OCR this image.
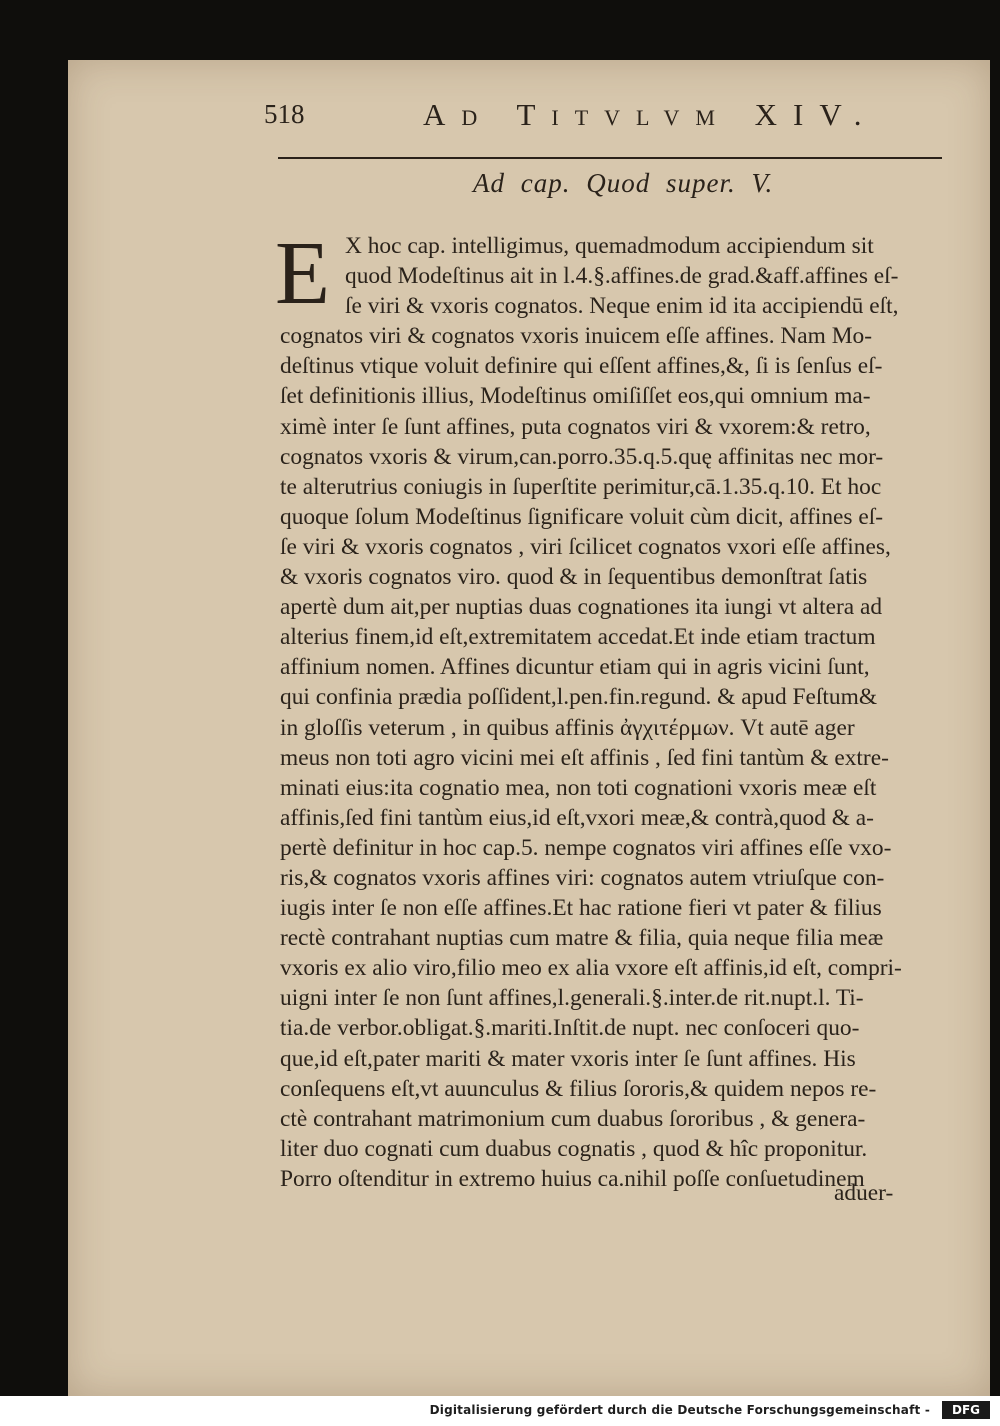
518	Ad Titvlvm XIV.
Ad cap. Quod super. V.
E X hoc cap. intelligimus, quemadmodum accipiendum sit
quod Modeſtinus ait in l.4.§.affines.de grad.&aff.affines eſ-
ſe viri & vxoris cognatos. Neque enim id ita accipiendū eſt,
cognatos viri & cognatos vxoris inuicem eſſe affines. Nam Mo-
deſtinus vtique voluit definire qui eſſent affines,&, ſi is ſenſus eſ-
ſet definitionis illius, Modeſtinus omiſiſſet eos,qui omnium ma-
ximè inter ſe ſunt affines, puta cognatos viri & vxorem:& retro,
cognatos vxoris & virum,can.porro.35.q.5.quę affinitas nec mor-
te alterutrius coniugis in ſuperſtite perimitur,cā.1.35.q.10. Et hoc
quoque ſolum Modeſtinus ſignificare voluit cùm dicit, affines eſ-
ſe viri & vxoris cognatos , viri ſcilicet cognatos vxori eſſe affines,
& vxoris cognatos viro. quod & in ſequentibus demonſtrat ſatis
apertè dum ait,per nuptias duas cognationes ita iungi vt altera ad
alterius finem,id eſt,extremitatem accedat.Et inde etiam tractum
affinium nomen. Affines dicuntur etiam qui in agris vicini ſunt,
qui confinia prædia poſſident,l.pen.fin.regund. & apud Feſtum&
in gloſſis veterum , in quibus affinis ἀγχιτέρμων. Vt autē ager
meus non toti agro vicini mei eſt affinis , ſed fini tantùm & extre-
minati eius:ita cognatio mea, non toti cognationi vxoris meæ eſt
affinis,ſed fini tantùm eius,id eſt,vxori meæ,& contrà,quod & a-
pertè definitur in hoc cap.5. nempe cognatos viri affines eſſe vxo-
ris,& cognatos vxoris affines viri: cognatos autem vtriuſque con-
iugis inter ſe non eſſe affines.Et hac ratione fieri vt pater & filius
rectè contrahant nuptias cum matre & filia, quia neque filia meæ
vxoris ex alio viro,filio meo ex alia vxore eſt affinis,id eſt, compri-
uigni inter ſe non ſunt affines,l.generali.§.inter.de rit.nupt.l. Ti-
tia.de verbor.obligat.§.mariti.Inſtit.de nupt. nec conſoceri quo-
que,id eſt,pater mariti & mater vxoris inter ſe ſunt affines. His
conſequens eſt,vt auunculus & filius ſororis,& quidem nepos re-
ctè contrahant matrimonium cum duabus ſororibus , & genera-
liter duo cognati cum duabus cognatis , quod & hîc proponitur.
Porro oſtenditur in extremo huius ca.nihil poſſe conſuetudinem
aduer-
Digitalisierung gefördert durch die Deutsche Forschungsgemeinschaft -	DFG
